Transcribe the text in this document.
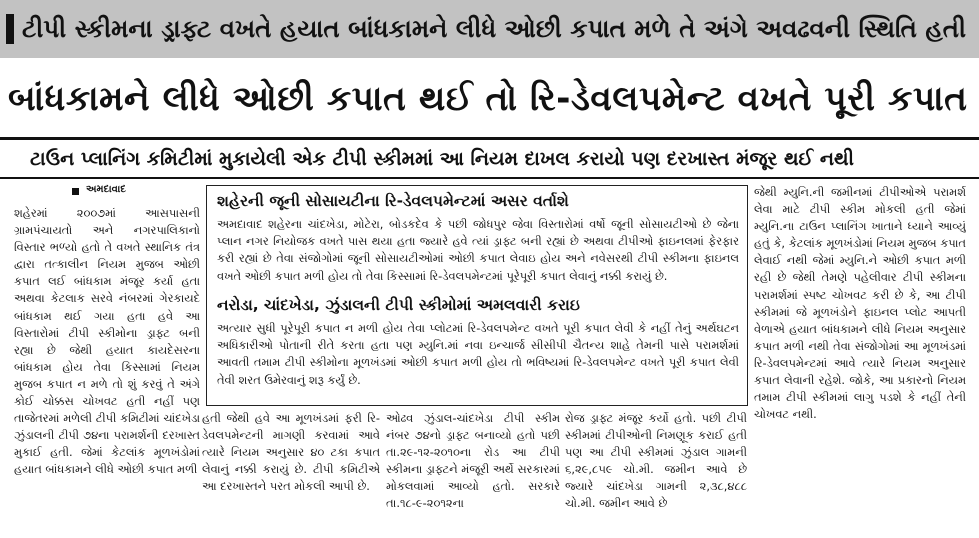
ટીપી સ્કીમના ડ્રાફ્ટ વખતે હયાત બાંધકામને લીધે ઓછી કપાત મળે તે અંગે અવઢવની સ્થિતિ હતી
બાંધકામને લીધે ઓછી કપાત થઈ તો રિ-ડેવલપમેન્ટ વખતે પૂરી કપાત
ટાઉન પ્લાનિંગ કમિટીમાં મુકાયેલી એક ટીપી સ્કીમમાં આ નિયમ દાખલ કરાયો પણ દરખાસ્ત મંજૂર થઈ નથી
અમદાવાદ
શહેરમાં ૨૦૦૭માં આસપાસની ગ્રામપંચાયતો અને નગરપાલિકાનો વિસ્તાર ભળ્યો હતો તે વખતે સ્થાનિક તંત્ર દ્વારા તત્કાલીન નિયમ મુજબ ઓછી કપાત લઈ બાંધકામ મંજૂર કર્યા હતા અથવા કેટલાક સરવે નંબરમાં ગેરકાયદે બાંધકામ થઈ ગયા હતા હવે આ વિસ્તારોમાં ટીપી સ્કીમોના ડ્રાફ્ટ બની રહ્યા છે જેથી હયાત કાયદેસરના બાંધકામ હોય તેવા કિસ્સામાં નિયમ મુજબ કપાત ન મળે તો શું કરવું તે અંગે કોઈ ચોક્કસ ચોખવટ હતી નહીં પણ તાજેતરમાં મળેલી ટીપી કમિટીમાં ચાંદખેડા ઝુંડાલની ટીપી ૭૪ના પરામર્શની દરખાસ્ત મુકાઈ હતી. જેમાં કેટલાંક મૂળખંડોમાં હયાત બાંધકામને લીધે ઓછી કપાત મળી
શહેરની જૂની સોસાયટીના રિ-ડેવલપમેન્ટમાં અસર વર્તાશે
અમદાવાદ શહેરના ચાંદખેડા, મોટેરા, બોડકદેવ કે પછી જોધપુર જેવા વિસ્તારોમાં વર્ષો જૂની સોસાયટીઓ છે જેના પ્લાન નગર નિયોજક વખતે પાસ થયા હતા જ્યારે હવે ત્યાં ડ્રાફ્ટ બની રહ્યાં છે અથવા ટીપીઓ ફાઇનલમાં ફેરફાર કરી રહ્યાં છે તેવા સંજોગોમાં જૂની સોસાયટીઓમાં ઓછી કપાત લેવાઇ હોય અને નવેસરથી ટીપી સ્કીમના ફાઇનલ વખતે ઓછી કપાત મળી હોય તો તેવા કિસ્સામાં રિ-ડેવલપમેન્ટમાં પૂરેપૂરી કપાત લેવાનું નક્કી કરાયું છે.
નરોડા, ચાંદખેડા, ઝુંડાલની ટીપી સ્કીમોમાં અમલવારી કરાઇ
અત્યાર સુધી પૂરેપૂરી કપાત ન મળી હોય તેવા પ્લોટમાં રિ-ડેવલપમેન્ટ વખતે પૂરી કપાત લેવી કે નહીં તેનું અર્થઘટન અધિકારીઓ પોતાની રીતે કરતા હતા પણ મ્યુનિ.માં નવા ઇન્ચાર્જ સીસીપી ચૈતન્ય શાહે તેમની પાસે પરામર્શમાં આવતી તમામ ટીપી સ્કીમોના મૂળખંડમાં ઓછી કપાત મળી હોય તો ભવિષ્યમાં રિ-ડેવલપમેન્ટ વખતે પૂરી કપાત લેવી તેવી શરત ઉમેરવાનું શરૂ કર્યું છે.
હતી જેથી હવે આ મૂળખંડમાં ફરી રિ-ડેવલપમેન્ટની માગણી કરવામાં આવે ત્યારે નિયમ અનુસાર ૪૦ ટકા કપાત લેવાનું નક્કી કરાયું છે. ટીપી કમિટીએ આ દરખાસ્તને પરત મોકલી આપી છે.
ઓઢવ ઝુંડાલ-ચાંદખેડા ટીપી સ્કીમ નંબર ૭૪નો ડ્રાફ્ટ બનાવ્યો હતો પછી તા.૨૯-૧૨-૨૦૧૦ના રોડ આ ટીપી સ્કીમના ડ્રાફ્ટને મંજૂરી અર્થે સરકારમાં મોકલવામાં આવ્યો હતો. સરકારે તા.૧૮-૯-૨૦૧૨ના
રોજ ડ્રાફ્ટ મંજૂર કર્યો હતો. પછી ટીપી સ્કીમમાં ટીપીઓની નિમણૂક કરાઈ હતી પણ આ ટીપી સ્કીમમાં ઝુંડાલ ગામની ૬,૨૯,૮૫૯ ચો.મી. જમીન આવે છે જ્યારે ચાંદખેડા ગામની ૨,૩૮,૪૮૮ ચો.મી. જમીન આવે છે
જેથી મ્યુનિ.ની જમીનમાં ટીપીઓએ પરામર્શ લેવા માટે ટીપી સ્કીમ મોકલી હતી જેમાં મ્યુનિ.ના ટાઉન પ્લાનિંગ ખાતાને ધ્યાને આવ્યું હતું કે, કેટલાંક મૂળખંડોમાં નિયમ મુજબ કપાત લેવાઈ નથી જેમાં મ્યુનિ.ને ઓછી કપાત મળી રહી છે જેથી તેમણે પહેલીવાર ટીપી સ્કીમના પરામર્શમાં સ્પષ્ટ ચોખવટ કરી છે કે, આ ટીપી સ્કીમમાં જે મૂળખંડોને ફાઇનલ પ્લોટ આપતી વેળાએ હયાત બાંધકામને લીધે નિયમ અનુસાર કપાત મળી નથી તેવા સંજોગોમાં આ મૂળખંડમાં રિ-ડેવલપમેન્ટમાં આવે ત્યારે નિયમ અનુસાર કપાત લેવાની રહેશે. જોકે, આ પ્રકારનો નિયમ તમામ ટીપી સ્કીમમાં લાગુ પડશે કે નહીં તેની ચોખવટ નથી.
